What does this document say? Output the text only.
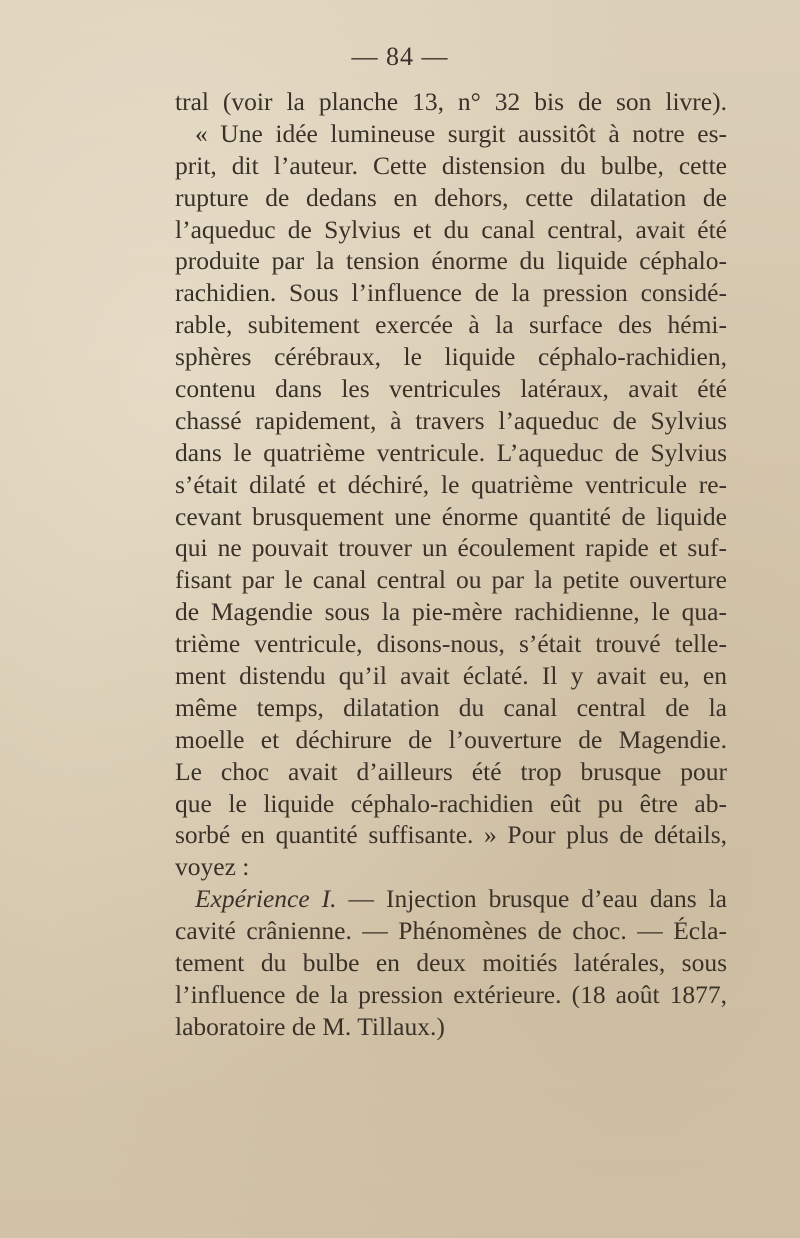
— 84 —
tral (voir la planche 13, n° 32 bis de son livre).
« Une idée lumineuse surgit aussitôt à notre es-
prit, dit l’auteur. Cette distension du bulbe, cette
rupture de dedans en dehors, cette dilatation de
l’aqueduc de Sylvius et du canal central, avait été
produite par la tension énorme du liquide céphalo-
rachidien. Sous l’influence de la pression considé-
rable, subitement exercée à la surface des hémi-
sphères cérébraux, le liquide céphalo-rachidien,
contenu dans les ventricules latéraux, avait été
chassé rapidement, à travers l’aqueduc de Sylvius
dans le quatrième ventricule. L’aqueduc de Sylvius
s’était dilaté et déchiré, le quatrième ventricule re-
cevant brusquement une énorme quantité de liquide
qui ne pouvait trouver un écoulement rapide et suf-
fisant par le canal central ou par la petite ouverture
de Magendie sous la pie-mère rachidienne, le qua-
trième ventricule, disons-nous, s’était trouvé telle-
ment distendu qu’il avait éclaté. Il y avait eu, en
même temps, dilatation du canal central de la
moelle et déchirure de l’ouverture de Magendie.
Le choc avait d’ailleurs été trop brusque pour
que le liquide céphalo-rachidien eût pu être ab-
sorbé en quantité suffisante. » Pour plus de détails,
voyez :
Expérience I. — Injection brusque d’eau dans la
cavité crânienne. — Phénomènes de choc. — Écla-
tement du bulbe en deux moitiés latérales, sous
l’influence de la pression extérieure. (18 août 1877,
laboratoire de M. Tillaux.)
